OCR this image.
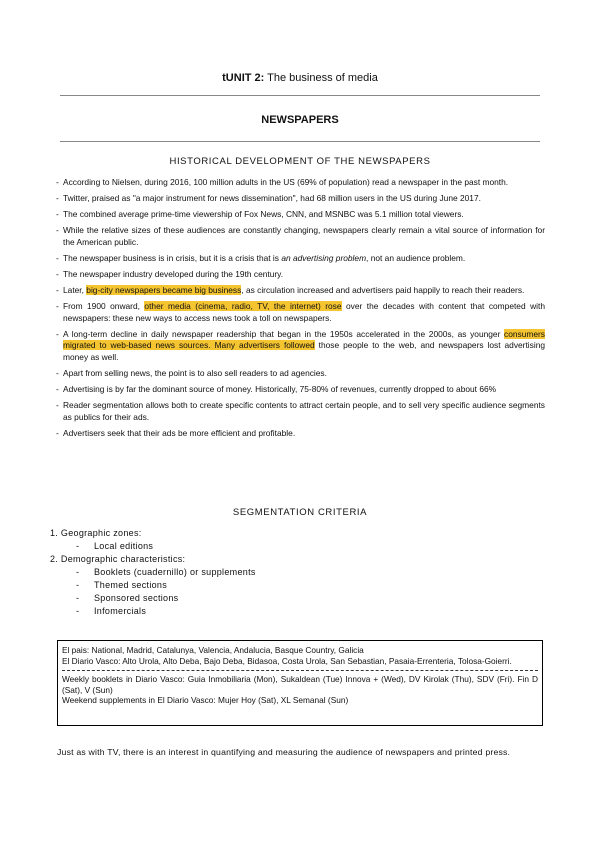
tUNIT 2: The business of media
NEWSPAPERS
HISTORICAL DEVELOPMENT OF THE NEWSPAPERS
- According to Nielsen, during 2016, 100 million adults in the US (69% of population) read a newspaper in the past month.
- Twitter, praised as "a major instrument for news dissemination", had 68 million users in the US during June 2017.
- The combined average prime-time viewership of Fox News, CNN, and MSNBC was 5.1 million total viewers.
- While the relative sizes of these audiences are constantly changing, newspapers clearly remain a vital source of information for the American public.
- The newspaper business is in crisis, but it is a crisis that is an advertising problem, not an audience problem.
- The newspaper industry developed during the 19th century.
- Later, big-city newspapers became big business, as circulation increased and advertisers paid happily to reach their readers.
- From 1900 onward, other media (cinema, radio, TV, the internet) rose over the decades with content that competed with newspapers: these new ways to access news took a toll on newspapers.
- A long-term decline in daily newspaper readership that began in the 1950s accelerated in the 2000s, as younger consumers migrated to web-based news sources. Many advertisers followed those people to the web, and newspapers lost advertising money as well.
- Apart from selling news, the point is to also sell readers to ad agencies.
- Advertising is by far the dominant source of money. Historically, 75-80% of revenues, currently dropped to about 66%
- Reader segmentation allows both to create specific contents to attract certain people, and to sell very specific audience segments as publics for their ads.
- Advertisers seek that their ads be more efficient and profitable.
SEGMENTATION CRITERIA
1. Geographic zones:
- Local editions
2. Demographic characteristics:
- Booklets (cuadernillo) or supplements
- Themed sections
- Sponsored sections
- Infomercials

El pais: National, Madrid, Catalunya, Valencia, Andalucia, Basque Country, Galicia

El Diario Vasco: Alto Urola, Alto Deba, Bajo Deba, Bidasoa, Costa Urola, San Sebastian, Pasaia-Errenteria, Tolosa-Goierri.

Weekly booklets in Diario Vasco: Guia Inmobiliaria (Mon), Sukaldean (Tue) Innova + (Wed), DV Kirolak (Thu), SDV (Fri). Fin D (Sat), V (Sun)

Weekend supplements in El Diario Vasco: Mujer Hoy (Sat), XL Semanal (Sun)

Just as with TV, there is an interest in quantifying and measuring the audience of newspapers and printed press.
